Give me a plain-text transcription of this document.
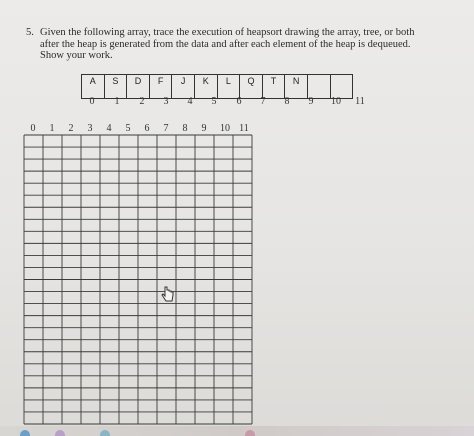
5. Given the following array, trace the execution of heapsort drawing the array, tree, or both
after the heap is generated from the data and after each element of the heap is dequeued.
Show your work.
A	S	D	F	J	K	L	Q	T	N		
0	1	2	3	4	5	6	7	8	9	10	11
0	1	2	3	4	5	6	7	8	9	10 11
